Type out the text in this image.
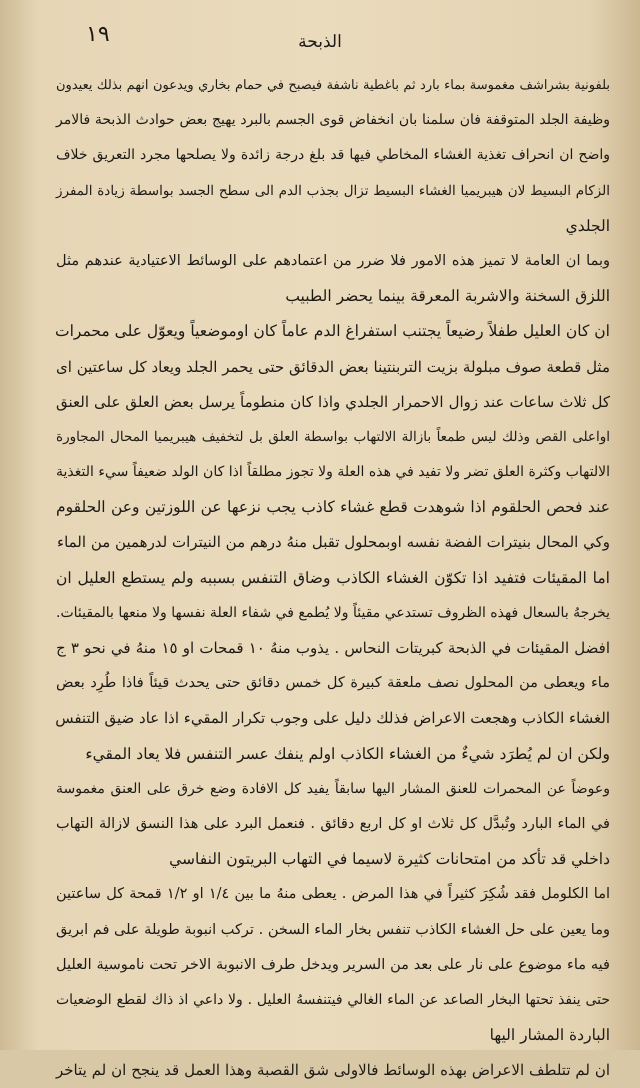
١٩	الذبحة
بلفونية بشراشف مغموسة بماء بارد ثم باغطية ناشفة فيصبح في حمام بخاري ويدعون انهم بذلك يعيدون
وظيفة الجلد المتوقفة فان سلمنا بان انخفاض قوى الجسم بالبرد يهيج بعض حوادث الذبحة فالامر
واضح ان انحراف تغذية الغشاء المخاطي فيها قد بلغ درجة زائدة ولا يصلحها مجرد التعريق خلاف
الزكام البسيط لان هيبريميا الغشاء البسيط تزال بجذب الدم الى سطح الجسد بواسطة زيادة المفرز
الجلدي
وبما ان العامة لا تميز هذه الامور فلا ضرر من اعتمادهم على الوسائط الاعتيادية عندهم مثل
اللزق السخنة والاشربة المعرقة بينما يحضر الطبيب
ان كان العليل طفلاً رضيعاً يجتنب استفراغ الدم عاماً كان اوموضعياً ويعوّل على محمرات
مثل قطعة صوف مبلولة بزيت التربنتينا بعض الدقائق حتى يحمر الجلد ويعاد كل ساعتين اى
كل ثلاث ساعات عند زوال الاحمرار الجلدي واذا كان منطوماً يرسل بعض العلق على العنق
اواعلى القص وذلك ليس طمعاً بازالة الالتهاب بواسطة العلق بل لتخفيف هيبريميا المحال المجاورة
الالتهاب وكثرة العلق تضر ولا تفيد في هذه العلة ولا تجوز مطلقاً اذا كان الولد ضعيفاً سيء التغذية
عند فحص الحلقوم اذا شوهدت قطع غشاء كاذب يجب نزعها عن اللوزتين وعن الحلقوم
وكي المحال بنيترات الفضة نفسه اوبمحلول تقبل منهُ درهم من النيترات لدرهمين من الماء
اما المقيئات فتفيد اذا تكوّن الغشاء الكاذب وضاق التنفس بسببه ولم يستطع العليل ان
يخرجهُ بالسعال فهذه الظروف تستدعي مقيئاً ولا يُطمع في شفاء العلة نفسها ولا منعها بالمقيئات.
افضل المقيئات في الذبحة كبريتات النحاس . يذوب منهُ ١٠ قمحات او ١٥ منهُ في نحو ٣ ج
ماء ويعطى من المحلول نصف ملعقة كبيرة كل خمس دقائق حتى يحدث قيئاً فاذا طُرِد بعض
الغشاء الكاذب وهجعت الاعراض فذلك دليل على وجوب تكرار المقيء اذا عاد ضيق التنفس
ولكن ان لم يُطرَد شيءٌ من الغشاء الكاذب اولم ينفك عسر التنفس فلا يعاد المقيء
وعوضاً عن المحمرات للعنق المشار اليها سابقاً يفيد كل الافادة وضع خرق على العنق مغموسة
في الماء البارد وتُبدَّل كل ثلاث او كل اربع دقائق . فنعمل البرد على هذا النسق لازالة التهاب
داخلي قد تأكد من امتحانات كثيرة لاسيما في التهاب البريتون النفاسي
اما الكلومل فقد شُكِرَ كثيراً في هذا المرض . يعطى منهُ ما بين ١/٤ او ١/٢ قمحة كل ساعتين
وما يعين على حل الغشاء الكاذب تنفس بخار الماء السخن . تركب انبوبة طويلة على فم ابريق
فيه ماء موضوع على نار على بعد من السرير ويدخل طرف الانبوبة الاخر تحت ناموسية العليل
حتى ينفذ تحتها البخار الصاعد عن الماء الغالي فيتنفسهُ العليل . ولا داعي اذ ذاك لقطع الوضعيات
الباردة المشار اليها
ان لم تتلطف الاعراض بهذه الوسائط فالاولى شق القصبة وهذا العمل قد ينجح ان لم يتاخر
